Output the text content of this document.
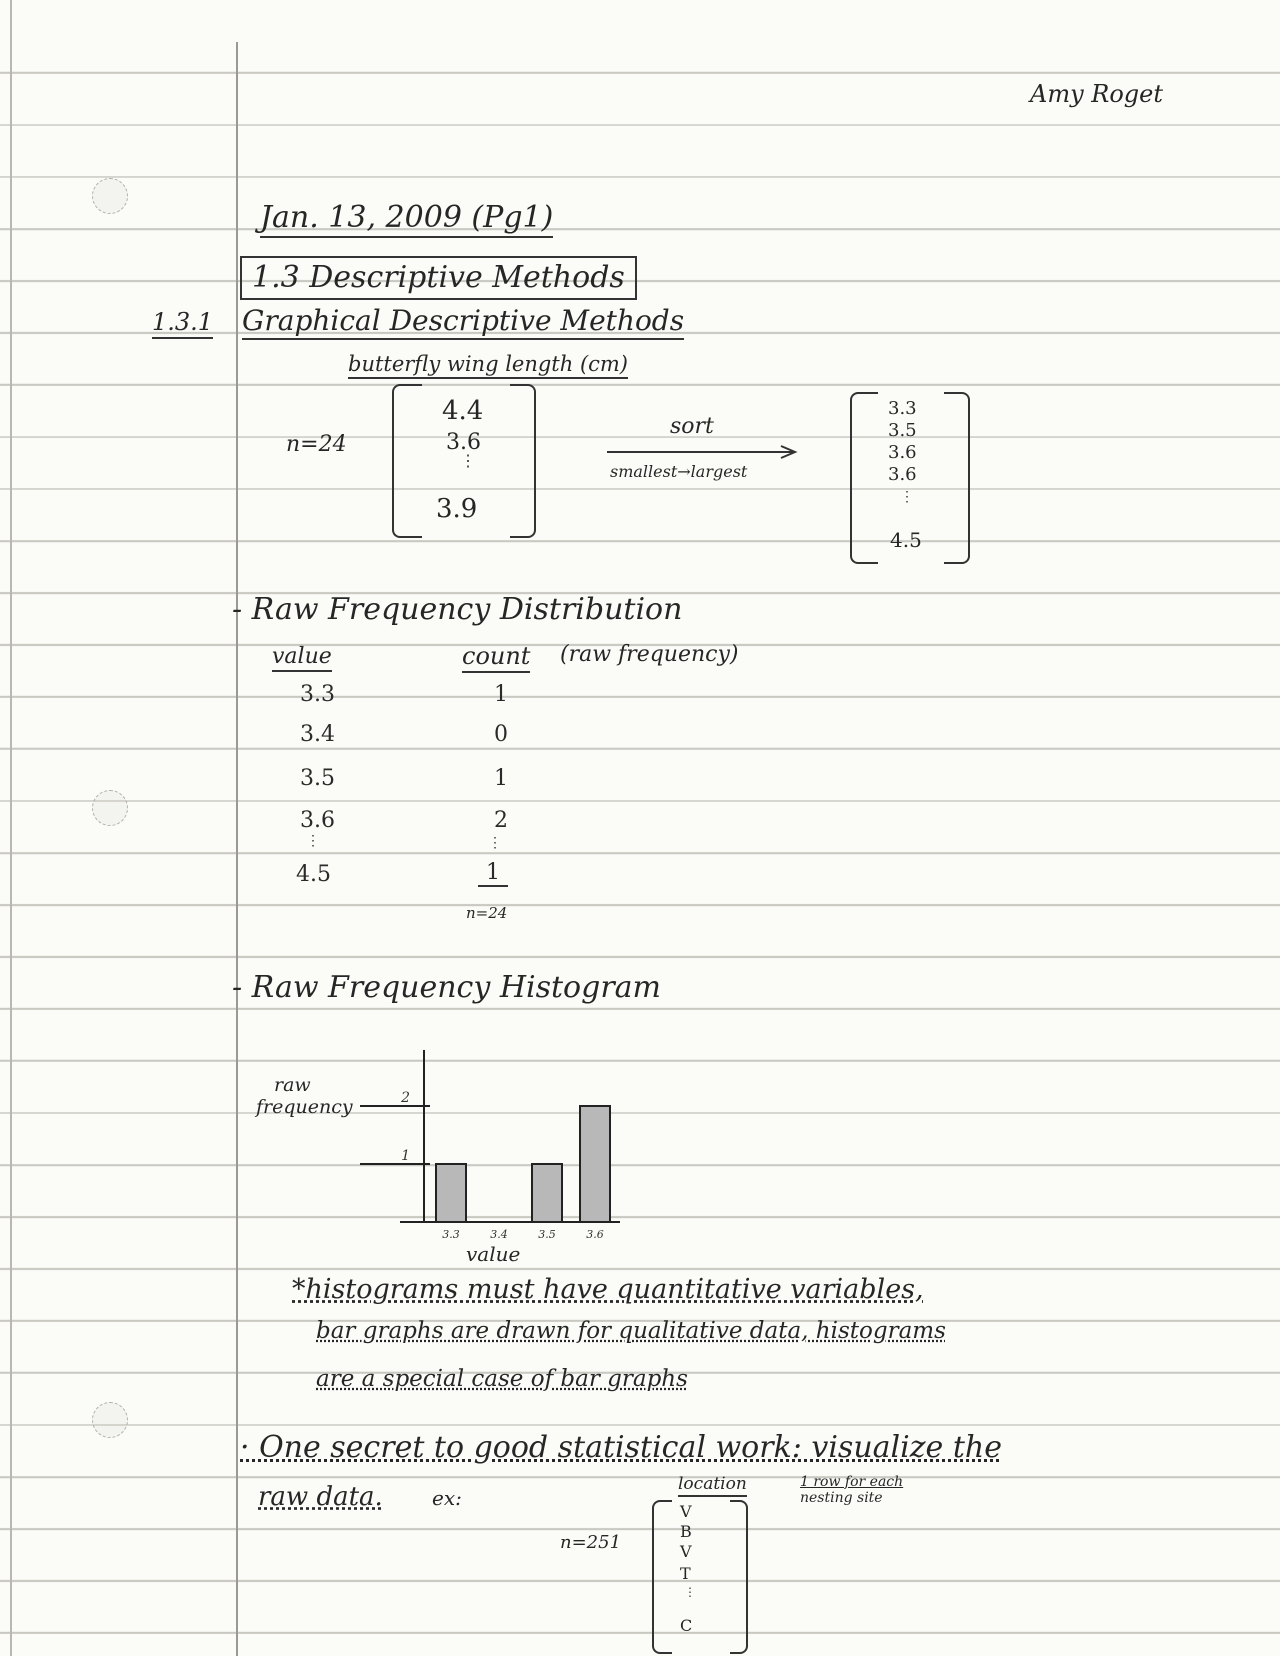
Amy Roget
Jan. 13, 2009 (Pg1)
1.3 Descriptive Methods
1.3.1 Graphical Descriptive Methods
butterfly wing length (cm)
n=24
4.4
3.6
⋮
3.9
sort
smallest→largest
3.3
3.5
3.6
3.6
⋮
4.5
- Raw Frequency Distribution
value	count (raw frequency)
3.3	1
3.4	0
3.5	1
3.6	2
⋮	⋮
4.5	1
n=24
- Raw Frequency Histogram
raw
frequency
3.3	3.4	3.5	3.6
1
2
value
*histograms must have quantitative variables,
bar graphs are drawn for qualitative data, histograms
are a special case of bar graphs
· One secret to good statistical work: visualize the
raw data. ex:
location	1 row for each
nesting site
n=251
V
B
V
T
⋮
C
